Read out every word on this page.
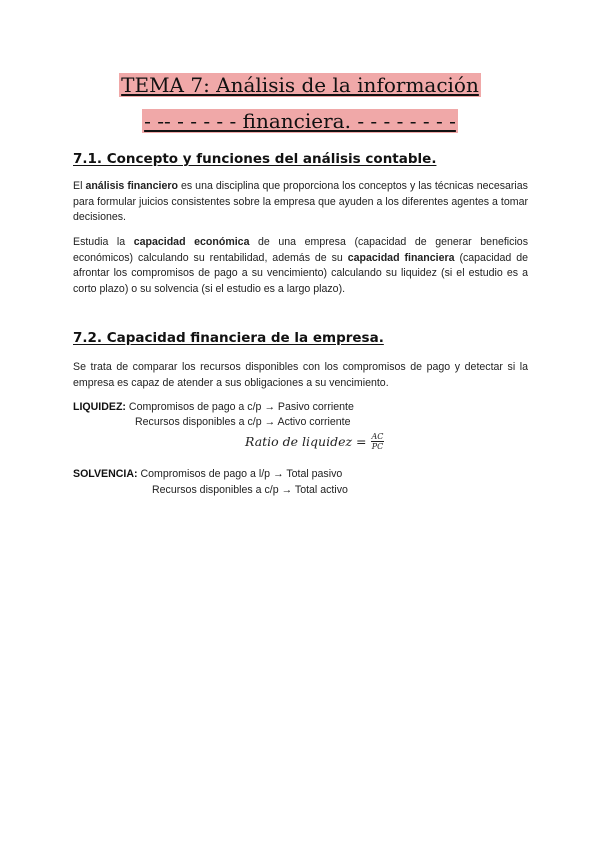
TEMA 7: Análisis de la información
- -- - - - - - financiera. - - - - - - - -
7.1. Concepto y funciones del análisis contable.
El análisis financiero es una disciplina que proporciona los conceptos y las técnicas necesarias para formular juicios consistentes sobre la empresa que ayuden a los diferentes agentes a tomar decisiones.
Estudia la capacidad económica de una empresa (capacidad de generar beneficios económicos) calculando su rentabilidad, además de su capacidad financiera (capacidad de afrontar los compromisos de pago a su vencimiento) calculando su liquidez (si el estudio es a corto plazo) o su solvencia (si el estudio es a largo plazo).
7.2. Capacidad financiera de la empresa.
Se trata de comparar los recursos disponibles con los compromisos de pago y detectar si la empresa es capaz de atender a sus obligaciones a su vencimiento.
LIQUIDEZ: Compromisos de pago a c/p → Pasivo corriente
Recursos disponibles a c/p → Activo corriente
Ratio de liquidez = $\frac{AC}{PC}$
SOLVENCIA: Compromisos de pago a l/p → Total pasivo
Recursos disponibles a c/p → Total activo
